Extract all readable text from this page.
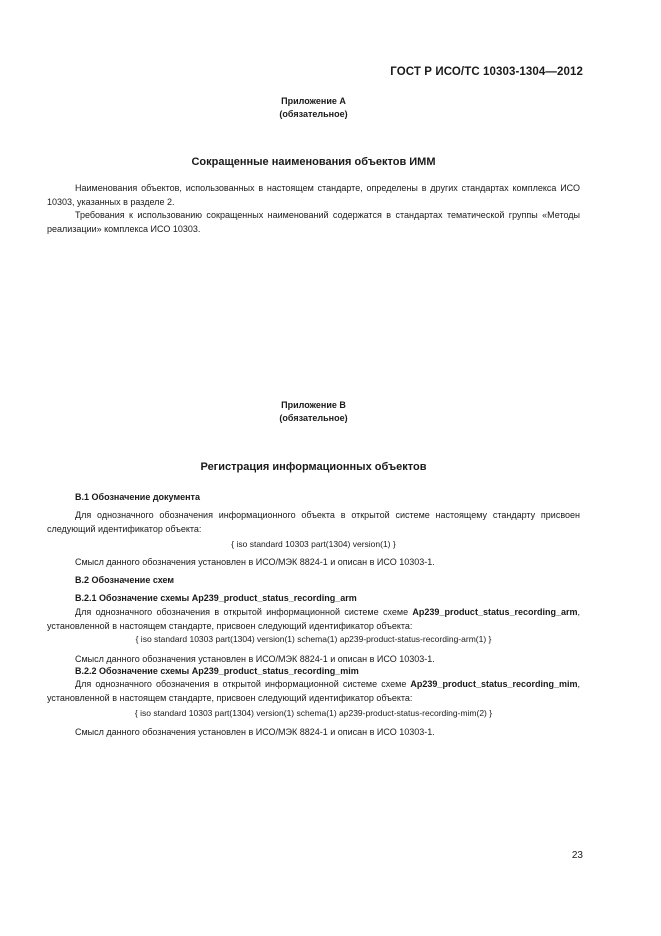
ГОСТ Р ИСО/ТС 10303-1304—2012
Приложение А
(обязательное)
Сокращенные наименования объектов ИММ

Наименования объектов, использованных в настоящем стандарте, определены в других стандартах комплекса ИСО 10303, указанных в разделе 2.

Требования к использованию сокращенных наименований содержатся в стандартах тематической группы «Методы реализации» комплекса ИСО 10303.

Приложение В
(обязательное)
Регистрация информационных объектов
В.1 Обозначение документа
Для однозначного обозначения информационного объекта в открытой системе настоящему стандарту присвоен следующий идентификатор объекта:
{ iso standard 10303 part(1304) version(1) }
Смысл данного обозначения установлен в ИСО/МЭК 8824-1 и описан в ИСО 10303-1.
В.2 Обозначение схем
В.2.1 Обозначение схемы Ap239_product_status_recording_arm
Для однозначного обозначения в открытой информационной системе схеме Ap239_product_status_recording_arm, установленной в настоящем стандарте, присвоен следующий идентификатор объекта:
{ iso standard 10303 part(1304) version(1) schema(1) ap239-product-status-recording-arm(1) }
Смысл данного обозначения установлен в ИСО/МЭК 8824-1 и описан в ИСО 10303-1.
В.2.2 Обозначение схемы Ap239_product_status_recording_mim
Для однозначного обозначения в открытой информационной системе схеме Ap239_product_status_recording_mim, установленной в настоящем стандарте, присвоен следующий идентификатор объекта:
{ iso standard 10303 part(1304) version(1) schema(1) ap239-product-status-recording-mim(2) }
Смысл данного обозначения установлен в ИСО/МЭК 8824-1 и описан в ИСО 10303-1.
23
